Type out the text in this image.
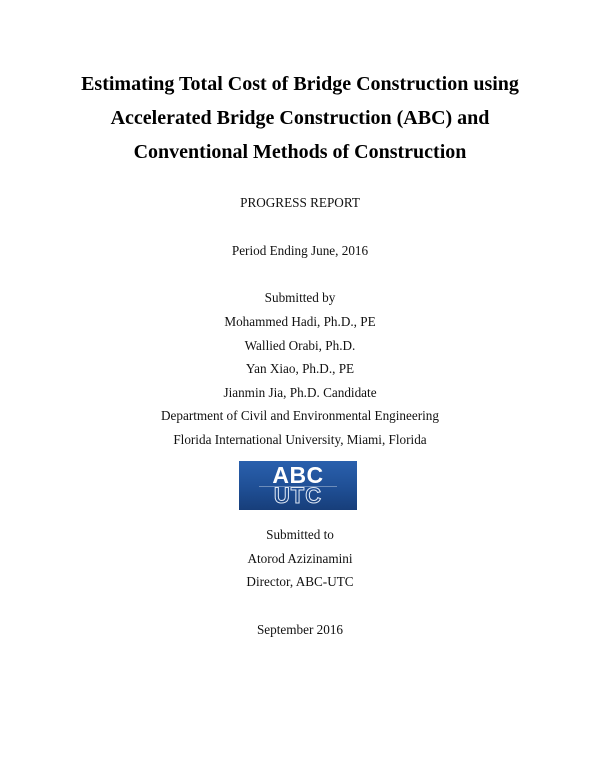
Estimating Total Cost of Bridge Construction using
Accelerated Bridge Construction (ABC) and
Conventional Methods of Construction

PROGRESS REPORT

Period Ending June, 2016

Submitted by

Mohammed Hadi, Ph.D., PE

Wallied Orabi, Ph.D.

Yan Xiao, Ph.D., PE

Jianmin Jia, Ph.D. Candidate

Department of Civil and Environmental Engineering

Florida International University, Miami, Florida

ABC
UTC

Submitted to

Atorod Azizinamini

Director, ABC-UTC

September 2016
